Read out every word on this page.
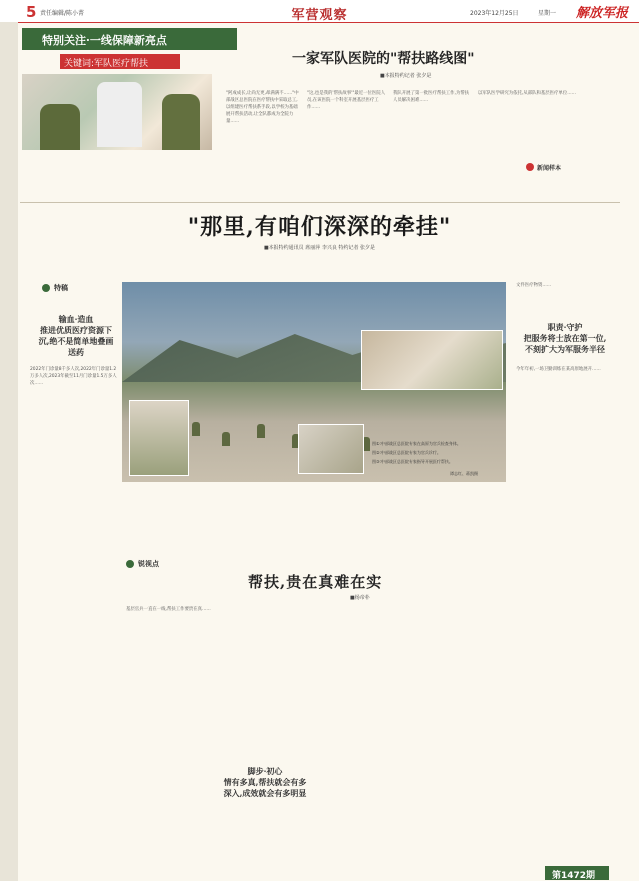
5 责任编辑/陈小菁	军营观察	2023年12月25日	星期一 解放军报
特别关注·一线保障新亮点
关键词:军队医疗帮扶	一家军队医院的"帮扶路线图"
■本报特约记者 张夕是
"阿成成长,让尚无更,却满满不……"中部战区总医院在医疗帮扶中采取总工,以组建医疗帮扶系手段,以学校为基础展开帮扶活动,让全队都成为全院力量……
"这,也是我的'帮扶故事'"最近一位医院人员,在该医院一个科室开展基层医疗工作……
我队开展了第一批医疗帮扶工作,为帮扶人员解决困难……
以军队医学研究为依托,从部队和基层医疗单位……
新闻样本
"那里,有咱们深深的牵挂"
■本报特约通讯员 席丽萍 李兴良 特约记者 张夕是
特稿
输血·造血
推进优质医疗资源下沉,绝不是简单地叠画送药
2022年门诊量8千多人次,2022年门诊量1.2万多人次,2023年截至11月门诊量1.5万多人次……
图①:中部战区总医院专家在高原为官兵检查身体。
图②:中部战区总医院专家为官兵诊疗。
图③:中部战区总医院专家指导开展医疗帮扶。
谭志红、蒋凯摄
职责·守护
把服务将士放在第一位,不刻扩大为军服务半径
今年年初,一场卫勤训练在某高原地展开……
文件医疗物资……
锐视点
帮扶,贵在真难在实
■杨帝朴
基层官兵一直在一线,帮扶工作要贵在真……
脚步·初心
情有多真,帮扶就会有多深入,成效就会有多明显
第1472期
